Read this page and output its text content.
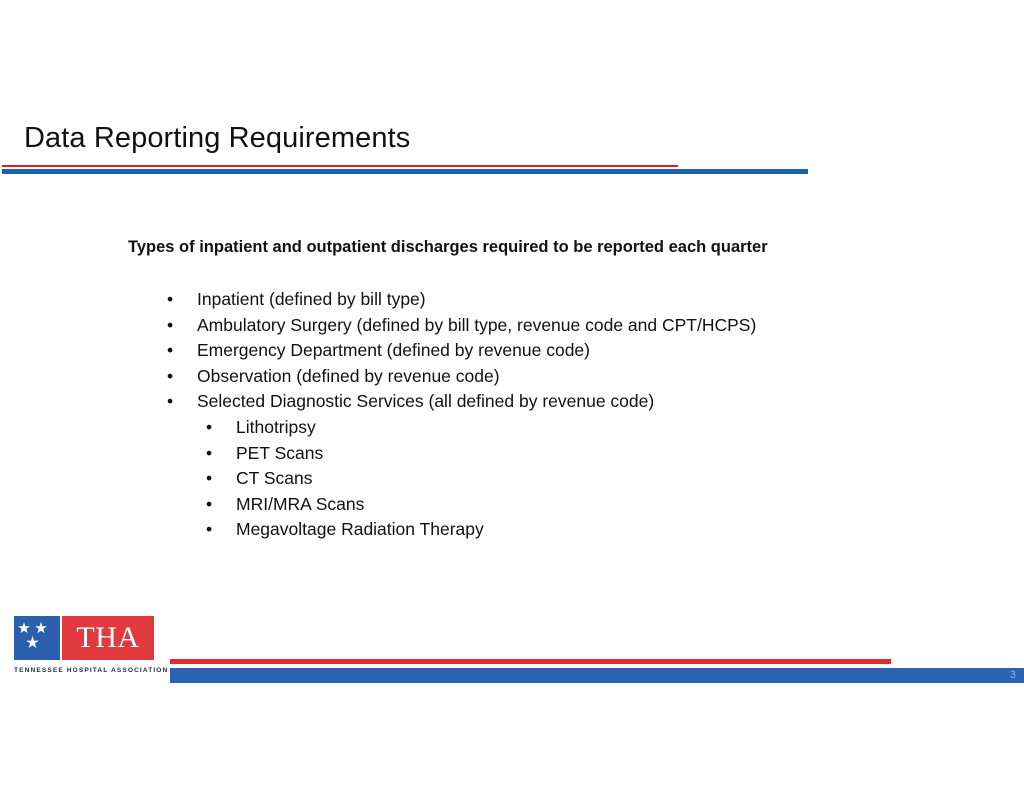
Data Reporting Requirements
Types of inpatient and outpatient discharges required to be reported each quarter
• Inpatient (defined by bill type)
• Ambulatory Surgery (defined by bill type, revenue code and CPT/HCPS)
• Emergency Department (defined by revenue code)
• Observation (defined by revenue code)
• Selected Diagnostic Services (all defined by revenue code)
• Lithotripsy
• PET Scans
• CT Scans
• MRI/MRA Scans
• Megavoltage Radiation Therapy
THA
TENNESSEE HOSPITAL ASSOCIATION	3
